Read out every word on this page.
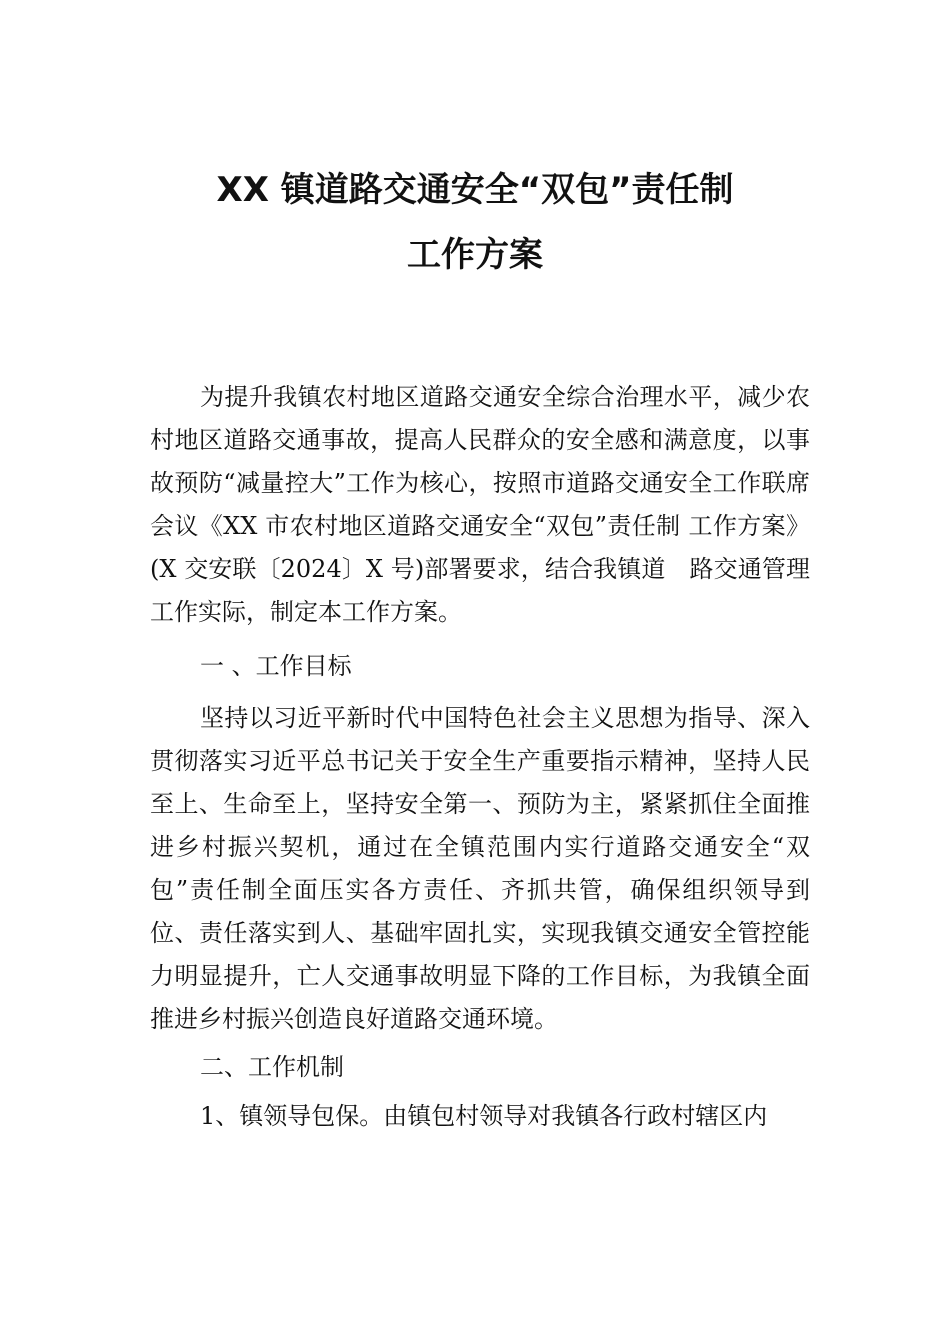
XX 镇道路交通安全“双包”责任制
工作方案

为提升我镇农村地区道路交通安全综合治理水平，减少农村地区道路交通事故，提高人民群众的安全感和满意度，以事故预防“减量控大”工作为核心，按照市道路交通安全工作联席会议《XX 市农村地区道路交通安全“双包”责任制 工作方案》(X 交安联〔2024〕X 号)部署要求，结合我镇道　路交通管理工作实际，制定本工作方案。

一 、工作目标

坚持以习近平新时代中国特色社会主义思想为指导、深入贯彻落实习近平总书记关于安全生产重要指示精神，坚持人民至上、生命至上，坚持安全第一、预防为主，紧紧抓住全面推进乡村振兴契机，通过在全镇范围内实行道路交通安全“双包”责任制全面压实各方责任、齐抓共管，确保组织领导到位、责任落实到人、基础牢固扎实，实现我镇交通安全管控能力明显提升，亡人交通事故明显下降的工作目标，为我镇全面推进乡村振兴创造良好道路交通环境。

二、工作机制

1、镇领导包保。由镇包村领导对我镇各行政村辖区内
